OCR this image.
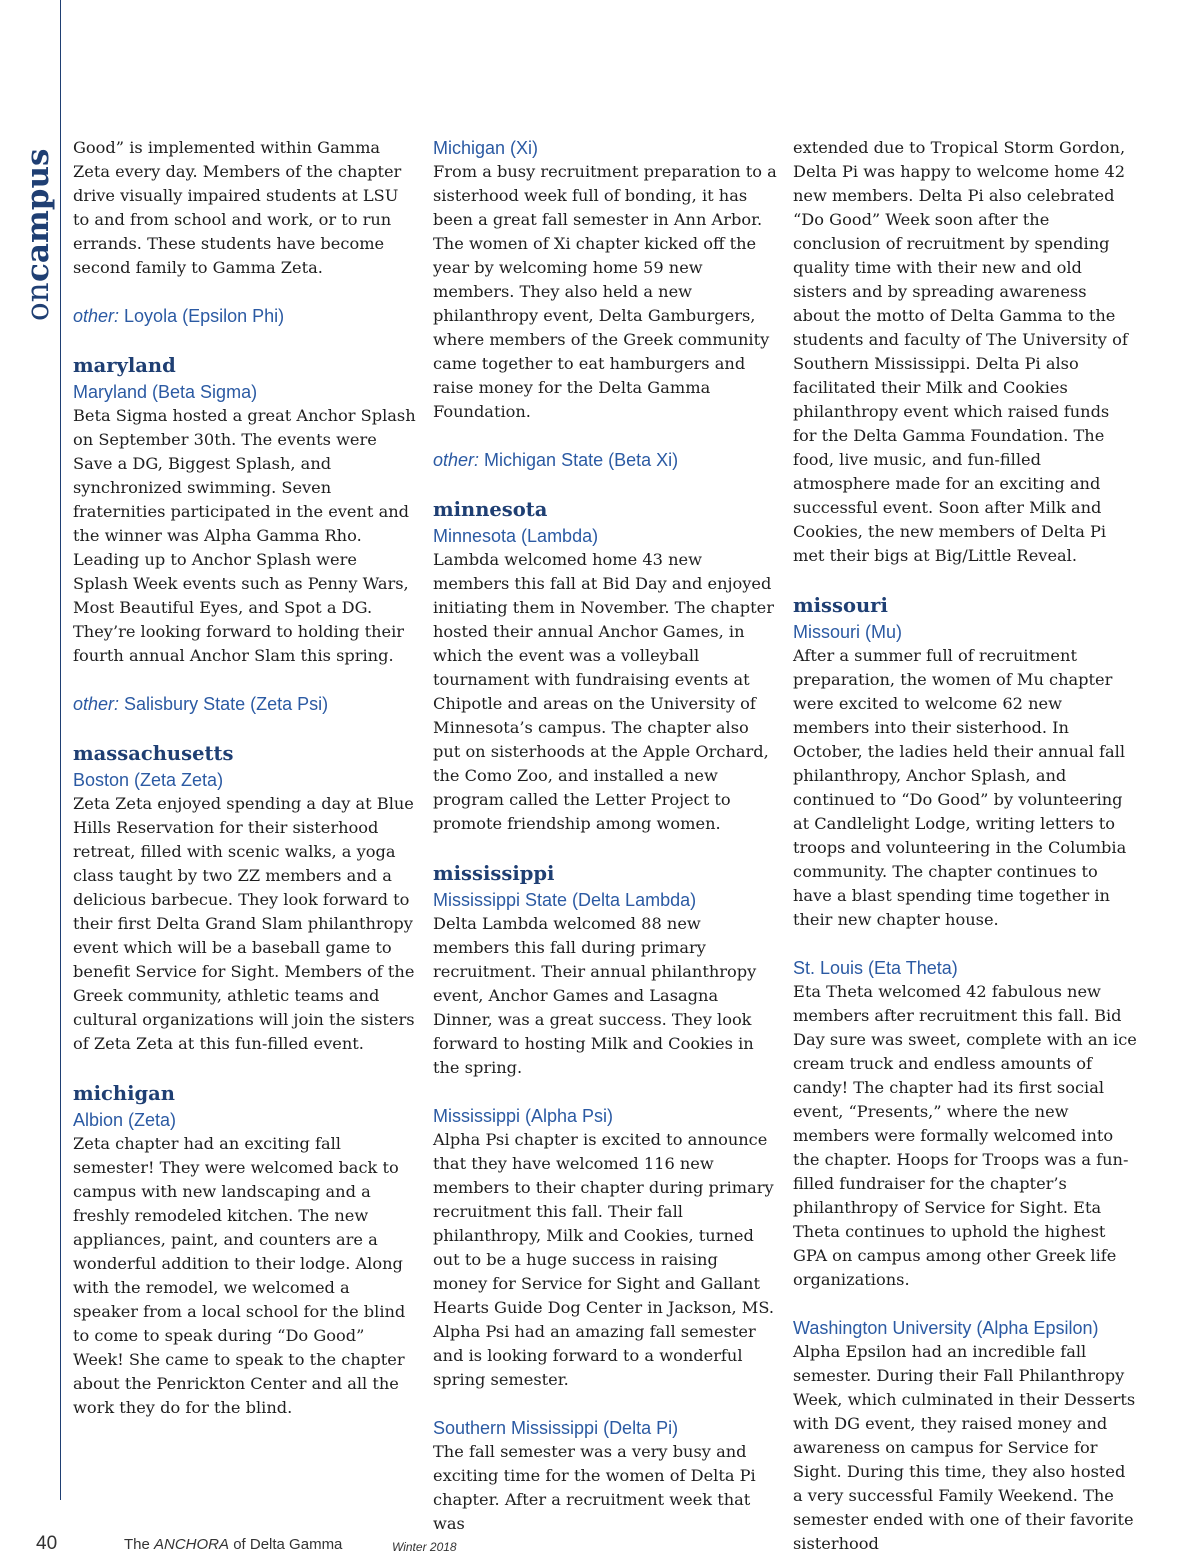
on
campus

Good” is implemented within Gamma Zeta every day. Members of the chapter drive visually impaired students at LSU to and from school and work, or to run errands. These students have become second family to Gamma Zeta.

other: Loyola (Epsilon Phi)
maryland
Maryland (Beta Sigma)

Beta Sigma hosted a great Anchor Splash on September 30th. The events were Save a DG, Biggest Splash, and synchronized swimming. Seven fraternities participated in the event and the winner was Alpha Gamma Rho. Leading up to Anchor Splash were Splash Week events such as Penny Wars, Most Beautiful Eyes, and Spot a DG. They’re looking forward to holding their fourth annual Anchor Slam this spring.

other: Salisbury State (Zeta Psi)
massachusetts
Boston (Zeta Zeta)

Zeta Zeta enjoyed spending a day at Blue Hills Reservation for their sisterhood retreat, filled with scenic walks, a yoga class taught by two ZZ members and a delicious barbecue. They look forward to their first Delta Grand Slam philanthropy event which will be a baseball game to benefit Service for Sight. Members of the Greek community, athletic teams and cultural organizations will join the sisters of Zeta Zeta at this fun-filled event.

michigan
Albion (Zeta)

Zeta chapter had an exciting fall semester! They were welcomed back to campus with new landscaping and a freshly remodeled kitchen. The new appliances, paint, and counters are a wonderful addition to their lodge. Along with the remodel, we welcomed a speaker from a local school for the blind to come to speak during “Do Good” Week! She came to speak to the chapter about the Penrickton Center and all the work they do for the blind.

Michigan (Xi)

From a busy recruitment preparation to a sisterhood week full of bonding, it has been a great fall semester in Ann Arbor. The women of Xi chapter kicked off the year by welcoming home 59 new members. They also held a new philanthropy event, Delta Gamburgers, where members of the Greek community came together to eat hamburgers and raise money for the Delta Gamma Foundation.

other: Michigan State (Beta Xi)
minnesota
Minnesota (Lambda)

Lambda welcomed home 43 new members this fall at Bid Day and enjoyed initiating them in November. The chapter hosted their annual Anchor Games, in which the event was a volleyball tournament with fundraising events at Chipotle and areas on the University of Minnesota’s campus. The chapter also put on sisterhoods at the Apple Orchard, the Como Zoo, and installed a new program called the Letter Project to promote friendship among women.

mississippi
Mississippi State (Delta Lambda)

Delta Lambda welcomed 88 new members this fall during primary recruitment. Their annual philanthropy event, Anchor Games and Lasagna Dinner, was a great success. They look forward to hosting Milk and Cookies in the spring.

Mississippi (Alpha Psi)

Alpha Psi chapter is excited to announce that they have welcomed 116 new members to their chapter during primary recruitment this fall. Their fall philanthropy, Milk and Cookies, turned out to be a huge success in raising money for Service for Sight and Gallant Hearts Guide Dog Center in Jackson, MS. Alpha Psi had an amazing fall semester and is looking forward to a wonderful spring semester.

Southern Mississippi (Delta Pi)

The fall semester was a very busy and exciting time for the women of Delta Pi chapter. After a recruitment week that was

extended due to Tropical Storm Gordon, Delta Pi was happy to welcome home 42 new members. Delta Pi also celebrated “Do Good” Week soon after the conclusion of recruitment by spending quality time with their new and old sisters and by spreading awareness about the motto of Delta Gamma to the students and faculty of The University of Southern Mississippi. Delta Pi also facilitated their Milk and Cookies philanthropy event which raised funds for the Delta Gamma Foundation. The food, live music, and fun-filled atmosphere made for an exciting and successful event. Soon after Milk and Cookies, the new members of Delta Pi met their bigs at Big/Little Reveal.

missouri
Missouri (Mu)

After a summer full of recruitment preparation, the women of Mu chapter were excited to welcome 62 new members into their sisterhood. In October, the ladies held their annual fall philanthropy, Anchor Splash, and continued to “Do Good” by volunteering at Candlelight Lodge, writing letters to troops and volunteering in the Columbia community. The chapter continues to have a blast spending time together in their new chapter house.

St. Louis (Eta Theta)

Eta Theta welcomed 42 fabulous new members after recruitment this fall. Bid Day sure was sweet, complete with an ice cream truck and endless amounts of candy! The chapter had its first social event, “Presents,” where the new members were formally welcomed into the chapter. Hoops for Troops was a fun-filled fundraiser for the chapter’s philanthropy of Service for Sight. Eta Theta continues to uphold the highest GPA on campus among other Greek life organizations.

Washington University (Alpha Epsilon)

Alpha Epsilon had an incredible fall semester. During their Fall Philanthropy Week, which culminated in their Desserts with DG event, they raised money and awareness on campus for Service for Sight. During this time, they also hosted a very successful Family Weekend. The semester ended with one of their favorite sisterhood

40	The ANCHORA of Delta Gamma	Winter 2018
